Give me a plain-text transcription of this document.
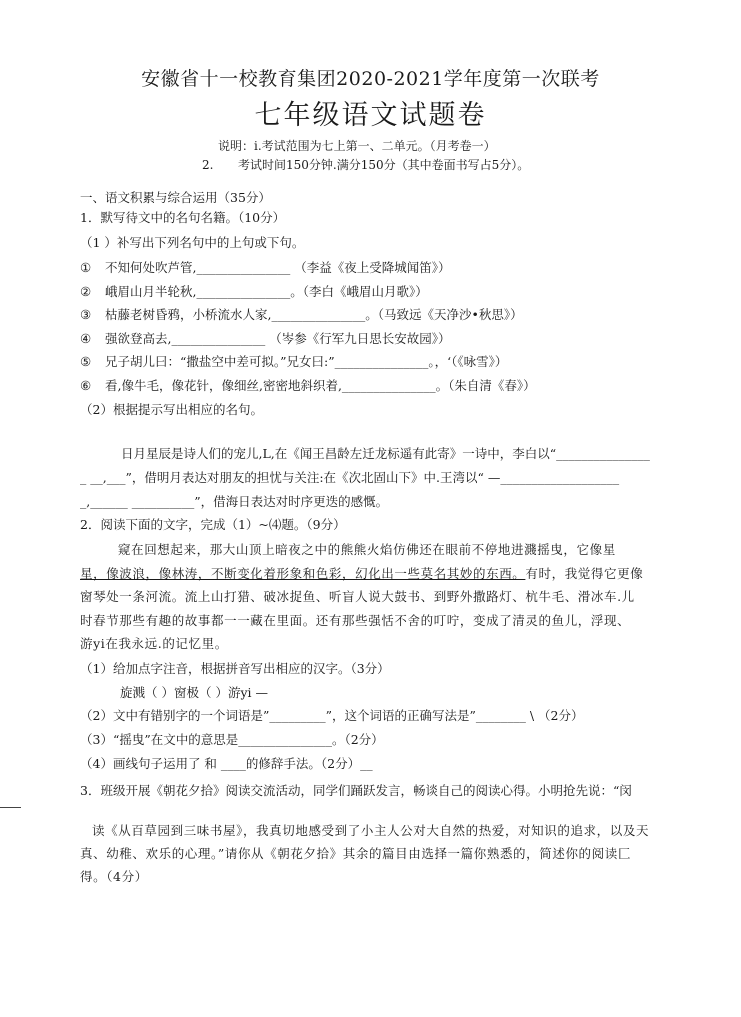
安徽省十一校教育集团2020-2021学年度第一次联考
七年级语文试题卷
说明：i.考试范围为七上第一、二单元。（月考卷一）
2. 考试时间150分钟.满分150分（其中卷面书写占5分）。
一、语文积累与综合运用（35分）
1．默写待文中的名句名籍。（10分）
（1 ）补写出下列名句中的上句或下句。
① 不知何处吹芦管,_______________ （李益《夜上受降城闻笛》）
② 峨眉山月半轮秋,_______________。（李白《峨眉山月歌》）
③ 枯藤老树昏鸦，小桥流水人家,_______________。（马致远《天净沙•秋思》）
④ 强欲登高去,_______________ （岑参《行军九日思长安故园》）
⑤ 兄子胡儿曰：“撒盐空中差可拟。”兄女曰:”_______________。，‘（《咏雪》）
⑥ 看,像牛毛，像花针，像细丝,密密地斜织着,_______________。（朱自清《春》）
（2）根据提示写出相应的名句。
日月星辰是诗人们的宠儿,L,在《闻王昌龄左迁龙标遥有此寄》一诗中，李白以“_______________
_ __,___”，借明月表达对朋友的担忧与关注:在《次北固山下》中.王湾以“ —___________________
_,______ __________”，借海日表达对时序更迭的感慨。
2．阅读下面的文字，完成（1）~⑷题。（9分）
窥在回想起来，那大山顶上暗夜之中的熊熊火焰仿佛还在眼前不停地进濺摇曳，它像星
星，像波浪，像林涛，不断变化着形象和色彩，幻化出一些莫名其妙的东西。有时，我觉得它更像
窗琴处一条河流。流上山打猎、破冰捉鱼、听盲人说大鼓书、到野外撒路灯、杭牛毛、滑冰车.儿
时春节那些有趣的故事都一一藏在里面。还有那些强恬不舍的叮咛，变成了清灵的鱼儿，浮现、
游yi在我永远.的记忆里。
（1）给加点字注音，根据拼音写出相应的汉字。（3分）
旋溅（ ）窗极（ ）游yi —
（2）文中有错别字的一个词语是”_________”，这个词语的正确写法是”________ \ （2分）
（3）“摇曳”在文中的意思是_______________。（2分）
（4）画线句子运用了 和 ____的修辞手法。（2分）__
3．班级开展《朝花夕拾》阅读交流活动，同学们踊跃发言，畅谈自己的阅读心得。小明抢先说：“闵
读《从百草园到三味书屋》，我真切地感受到了小主人公对大自然的热爱，对知识的追求，以及天
真、幼稚、欢乐的心理。”请你从《朝花夕拾》其余的篇目由选择一篇你熟悉的，简述你的阅读匚
得。（4分）
